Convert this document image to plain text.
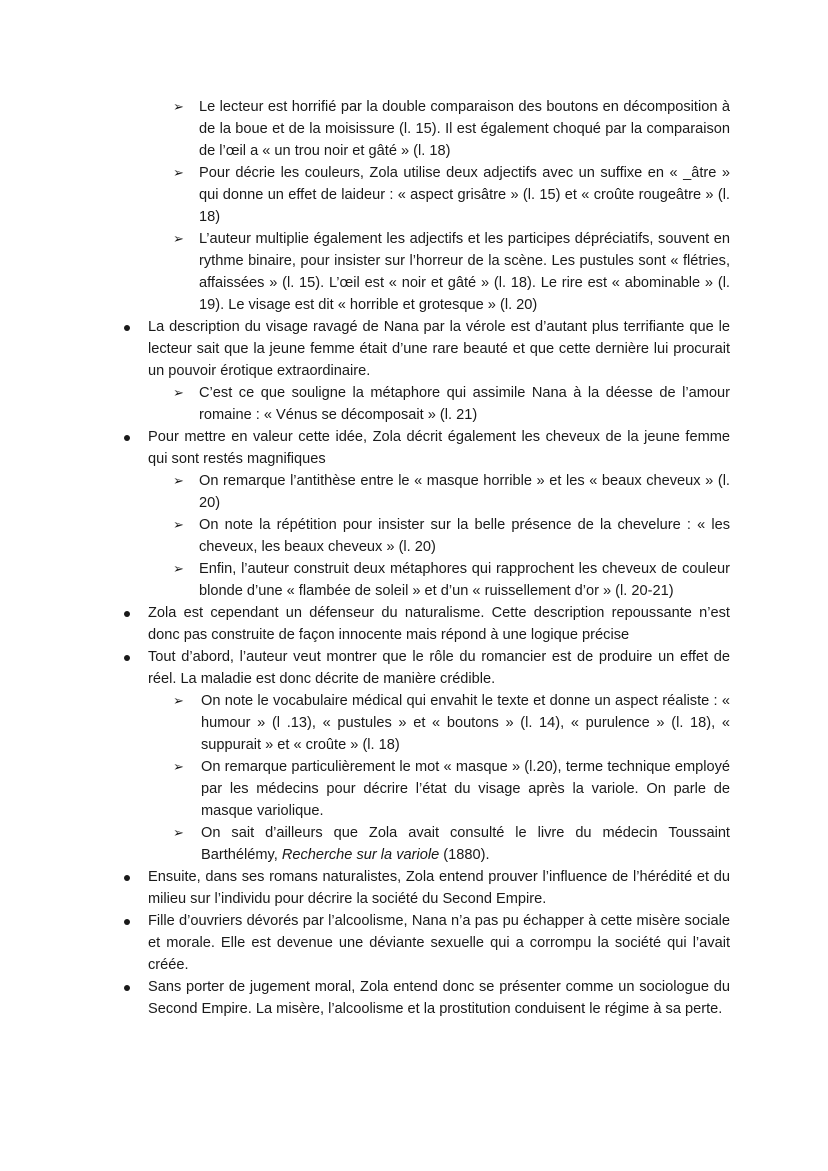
➢ Le lecteur est horrifié par la double comparaison des boutons en décomposition à de la boue et de la moisissure (l. 15). Il est également choqué par la comparaison de l’œil a « un trou noir et gâté » (l. 18)
➢ Pour décrie les couleurs, Zola utilise deux adjectifs avec un suffixe en « _âtre » qui donne un effet de laideur : « aspect grisâtre » (l. 15) et « croûte rougeâtre » (l. 18)
➢ L’auteur multiplie également les adjectifs et les participes dépréciatifs, souvent en rythme binaire, pour insister sur l’horreur de la scène. Les pustules sont « flétries, affaissées » (l. 15). L’œil est « noir et gâté » (l. 18). Le rire est « abominable » (l. 19). Le visage est dit « horrible et grotesque » (l. 20)
La description du visage ravagé de Nana par la vérole est d’autant plus terrifiante que le lecteur sait que la jeune femme était d’une rare beauté et que cette dernière lui procurait un pouvoir érotique extraordinaire.
➢ C’est ce que souligne la métaphore qui assimile Nana à la déesse de l’amour romaine : « Vénus se décomposait » (l. 21)
Pour mettre en valeur cette idée, Zola décrit également les cheveux de la jeune femme qui sont restés magnifiques
➢ On remarque l’antithèse entre le « masque horrible » et les « beaux cheveux » (l. 20)
➢ On note la répétition pour insister sur la belle présence de la chevelure : « les cheveux, les beaux cheveux » (l. 20)
➢ Enfin, l’auteur construit deux métaphores qui rapprochent les cheveux de couleur blonde d’une « flambée de soleil » et d’un « ruissellement d’or » (l. 20-21)
Zola est cependant un défenseur du naturalisme. Cette description repoussante n’est donc pas construite de façon innocente mais répond à une logique précise
Tout d’abord, l’auteur veut montrer que le rôle du romancier est de produire un effet de réel. La maladie est donc décrite de manière crédible.
➢ On note le vocabulaire médical qui envahit le texte et donne un aspect réaliste : « humour » (l .13), « pustules » et « boutons » (l. 14), « purulence » (l. 18), « suppurait » et « croûte » (l. 18)
➢ On remarque particulièrement le mot « masque » (l.20), terme technique employé par les médecins pour décrire l’état du visage après la variole. On parle de masque variolique.
➢ On sait d’ailleurs que Zola avait consulté le livre du médecin Toussaint Barthélémy, Recherche sur la variole (1880).
Ensuite, dans ses romans naturalistes, Zola entend prouver l’influence de l’hérédité et du milieu sur l’individu pour décrire la société du Second Empire.
Fille d’ouvriers dévorés par l’alcoolisme, Nana n’a pas pu échapper à cette misère sociale et morale. Elle est devenue une déviante sexuelle qui a corrompu la société qui l’avait créée.
Sans porter de jugement moral, Zola entend donc se présenter comme un sociologue du Second Empire. La misère, l’alcoolisme et la prostitution conduisent le régime à sa perte.
